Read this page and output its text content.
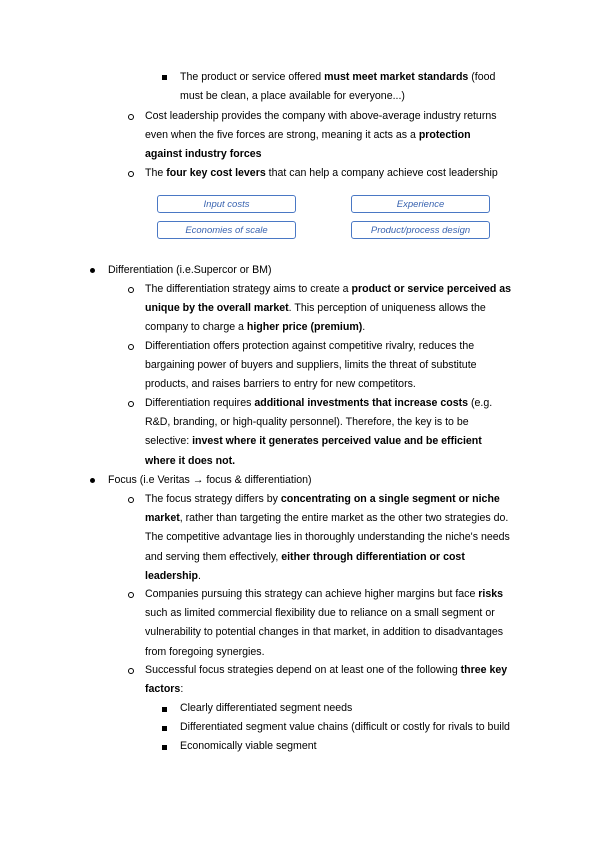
The product or service offered must meet market standards (food
must be clean, a place available for everyone...)
Cost leadership provides the company with above-average industry returns
even when the five forces are strong, meaning it acts as a protection
against industry forces
The four key cost levers that can help a company achieve cost leadership
Input costs	Experience
Economies of scale	Product/process design
Differentiation (i.e.Supercor or BM)
The differentiation strategy aims to create a product or service perceived as
unique by the overall market. This perception of uniqueness allows the
company to charge a higher price (premium).
Differentiation offers protection against competitive rivalry, reduces the
bargaining power of buyers and suppliers, limits the threat of substitute
products, and raises barriers to entry for new competitors.
Differentiation requires additional investments that increase costs (e.g.
R&D, branding, or high-quality personnel). Therefore, the key is to be
selective: invest where it generates perceived value and be efficient
where it does not.
Focus (i.e Veritas → focus & differentiation)
The focus strategy differs by concentrating on a single segment or niche
market, rather than targeting the entire market as the other two strategies do.
The competitive advantage lies in thoroughly understanding the niche's needs
and serving them effectively, either through differentiation or cost
leadership.
Companies pursuing this strategy can achieve higher margins but face risks
such as limited commercial flexibility due to reliance on a small segment or
vulnerability to potential changes in that market, in addition to disadvantages
from foregoing synergies.
Successful focus strategies depend on at least one of the following three key
factors:
Clearly differentiated segment needs
Differentiated segment value chains (difficult or costly for rivals to build
Economically viable segment
